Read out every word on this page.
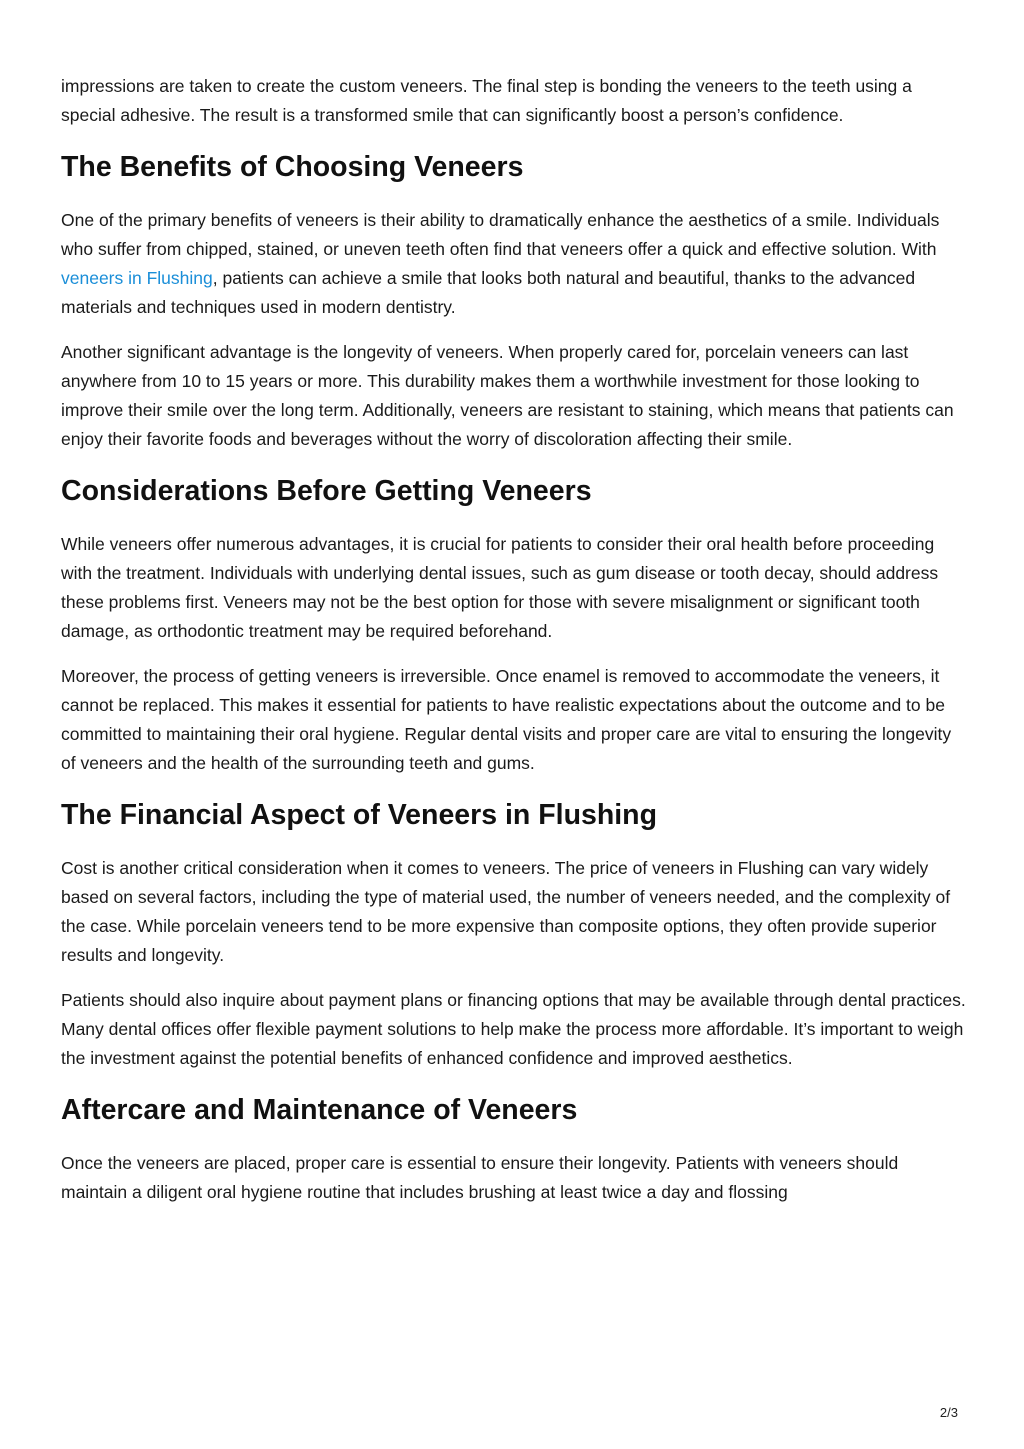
impressions are taken to create the custom veneers. The final step is bonding the veneers to the teeth using a special adhesive. The result is a transformed smile that can significantly boost a person’s confidence.

The Benefits of Choosing Veneers

One of the primary benefits of veneers is their ability to dramatically enhance the aesthetics of a smile. Individuals who suffer from chipped, stained, or uneven teeth often find that veneers offer a quick and effective solution. With veneers in Flushing, patients can achieve a smile that looks both natural and beautiful, thanks to the advanced materials and techniques used in modern dentistry.

Another significant advantage is the longevity of veneers. When properly cared for, porcelain veneers can last anywhere from 10 to 15 years or more. This durability makes them a worthwhile investment for those looking to improve their smile over the long term. Additionally, veneers are resistant to staining, which means that patients can enjoy their favorite foods and beverages without the worry of discoloration affecting their smile.

Considerations Before Getting Veneers

While veneers offer numerous advantages, it is crucial for patients to consider their oral health before proceeding with the treatment. Individuals with underlying dental issues, such as gum disease or tooth decay, should address these problems first. Veneers may not be the best option for those with severe misalignment or significant tooth damage, as orthodontic treatment may be required beforehand.

Moreover, the process of getting veneers is irreversible. Once enamel is removed to accommodate the veneers, it cannot be replaced. This makes it essential for patients to have realistic expectations about the outcome and to be committed to maintaining their oral hygiene. Regular dental visits and proper care are vital to ensuring the longevity of veneers and the health of the surrounding teeth and gums.

The Financial Aspect of Veneers in Flushing

Cost is another critical consideration when it comes to veneers. The price of veneers in Flushing can vary widely based on several factors, including the type of material used, the number of veneers needed, and the complexity of the case. While porcelain veneers tend to be more expensive than composite options, they often provide superior results and longevity.

Patients should also inquire about payment plans or financing options that may be available through dental practices. Many dental offices offer flexible payment solutions to help make the process more affordable. It’s important to weigh the investment against the potential benefits of enhanced confidence and improved aesthetics.

Aftercare and Maintenance of Veneers

Once the veneers are placed, proper care is essential to ensure their longevity. Patients with veneers should maintain a diligent oral hygiene routine that includes brushing at least twice a day and flossing

2/3
